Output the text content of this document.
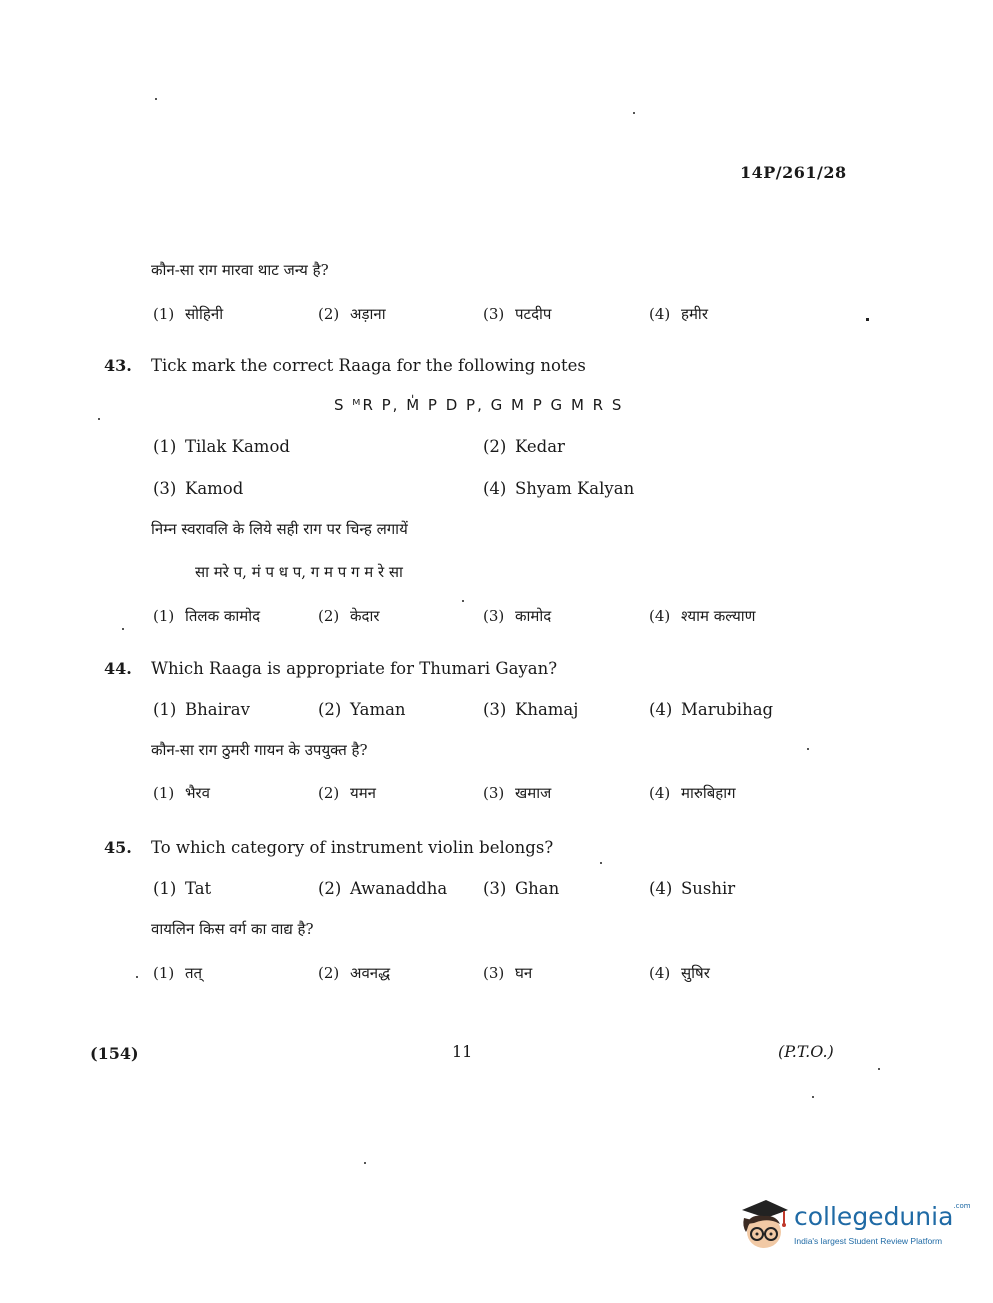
14P/261/28
कौन-सा राग मारवा थाट जन्य है?
(1) सोहिनी	(2) अड़ाना	(3) पटदीप	(4) हमीर
43. Tick mark the correct Raaga for the following notes
S ᴹR P, M̍ P D P, G M P G M R S
(1) Tilak Kamod	(2) Kedar
(3) Kamod	(4) Shyam Kalyan
निम्न स्वरावलि के लिये सही राग पर चिन्ह लगायें
सा मरे प, मं प ध प, ग म प ग म रे सा
(1) तिलक कामोद	(2) केदार	(3) कामोद	(4) श्याम कल्याण
44. Which Raaga is appropriate for Thumari Gayan?
(1) Bhairav	(2) Yaman	(3) Khamaj	(4) Marubihag
कौन-सा राग ठुमरी गायन के उपयुक्त है?
(1) भैरव	(2) यमन	(3) खमाज	(4) मारुबिहाग
45. To which category of instrument violin belongs?
(1) Tat	(2) Awanaddha (3) Ghan	(4) Sushir
वायलिन किस वर्ग का वाद्य है?
(1) तत्	(2) अवनद्ध	(3) घन	(4) सुषिर
(154)	11	(P.T.O.)
collegedunia$^{.com}$
India's largest Student Review Platform
